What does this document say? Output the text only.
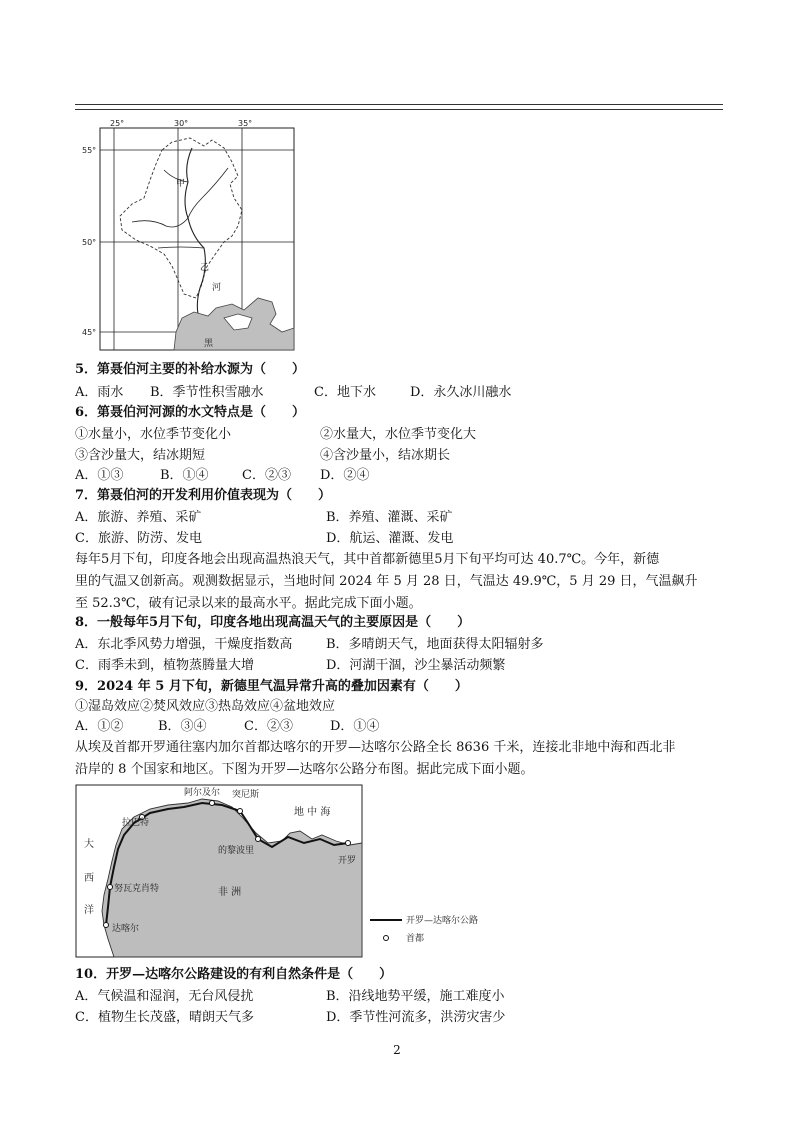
25°	30°	35°
55°
50°
45°
甲
乙
河
黑
5．第聂伯河主要的补给水源为（　　）
A．雨水 B．季节性积雪融水	C．地下水	D．永久冰川融水
6．第聂伯河河源的水文特点是（　　）
①水量小，水位季节变化小	②水量大，水位季节变化大
③含沙量大，结冰期短	④含沙量小，结冰期长
A．①③	B．①④	C．②③ D．②④
7．第聂伯河的开发利用价值表现为（　　）
A．旅游、养殖、采矿	B．养殖、灌溉、采矿
C．旅游、防涝、发电	D．航运、灌溉、发电
每年5月下旬，印度各地会出现高温热浪天气，其中首都新德里5月下旬平均可达 40.7℃。今年，新德
里的气温又创新高。观测数据显示，当地时间 2024 年 5 月 28 日，气温达 49.9℃，5 月 29 日，气温飙升
至 52.3℃，破有记录以来的最高水平。据此完成下面小题。
8．一般每年5月下旬，印度各地出现高温天气的主要原因是（　　）
A．东北季风势力增强，干燥度指数高	B．多晴朗天气，地面获得太阳辐射多
C．雨季未到，植物蒸腾量大增	D．河湖干涸，沙尘暴活动频繁
9．2024 年 5 月下旬，新德里气温异常升高的叠加因素有（　　）
①湿岛效应②焚风效应③热岛效应④盆地效应
A．①②	B．③④	C．②③	D．①④
从埃及首都开罗通往塞内加尔首都达喀尔的开罗—达喀尔公路全长 8636 千米，连接北非地中海和西北非
沿岸的 8 个国家和地区。下图为开罗—达喀尔公路分布图。据此完成下面小题。
阿尔及尔 突尼斯
地 中 海
拉巴特
的黎波里
开罗
大
西
洋
努瓦克肖特	非 洲
达喀尔
开罗—达喀尔公路
首都
10．开罗—达喀尔公路建设的有利自然条件是（　　）
A．气候温和湿润，无台风侵扰	B．沿线地势平缓，施工难度小
C．植物生长茂盛，晴朗天气多	D．季节性河流多，洪涝灾害少
2
